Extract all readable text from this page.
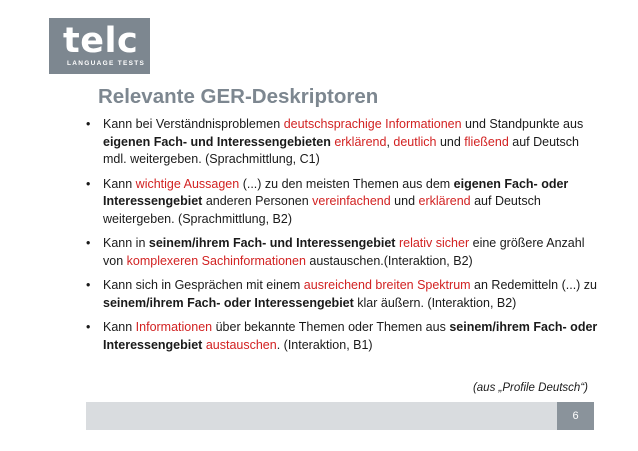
telc
LANGUAGE TESTS
Relevante GER-Deskriptoren
• Kann bei Verständnisproblemen deutschsprachige Informationen und Standpunkte aus eigenen Fach- und Interessengebieten erklärend, deutlich und fließend auf Deutsch mdl. weitergeben. (Sprachmittlung, C1)
• Kann wichtige Aussagen (...) zu den meisten Themen aus dem eigenen Fach- oder Interessengebiet anderen Personen vereinfachend und erklärend auf Deutsch weitergeben. (Sprachmittlung, B2)
• Kann in seinem/ihrem Fach- und Interessengebiet relativ sicher eine größere Anzahl von komplexeren Sachinformationen austauschen.(Interaktion, B2)
• Kann sich in Gesprächen mit einem ausreichend breiten Spektrum an Redemitteln (...) zu seinem/ihrem Fach- oder Interessengebiet klar äußern. (Interaktion, B2)
• Kann Informationen über bekannte Themen oder Themen aus seinem/ihrem Fach- oder Interessengebiet austauschen. (Interaktion, B1)
(aus „Profile Deutsch“)
6
